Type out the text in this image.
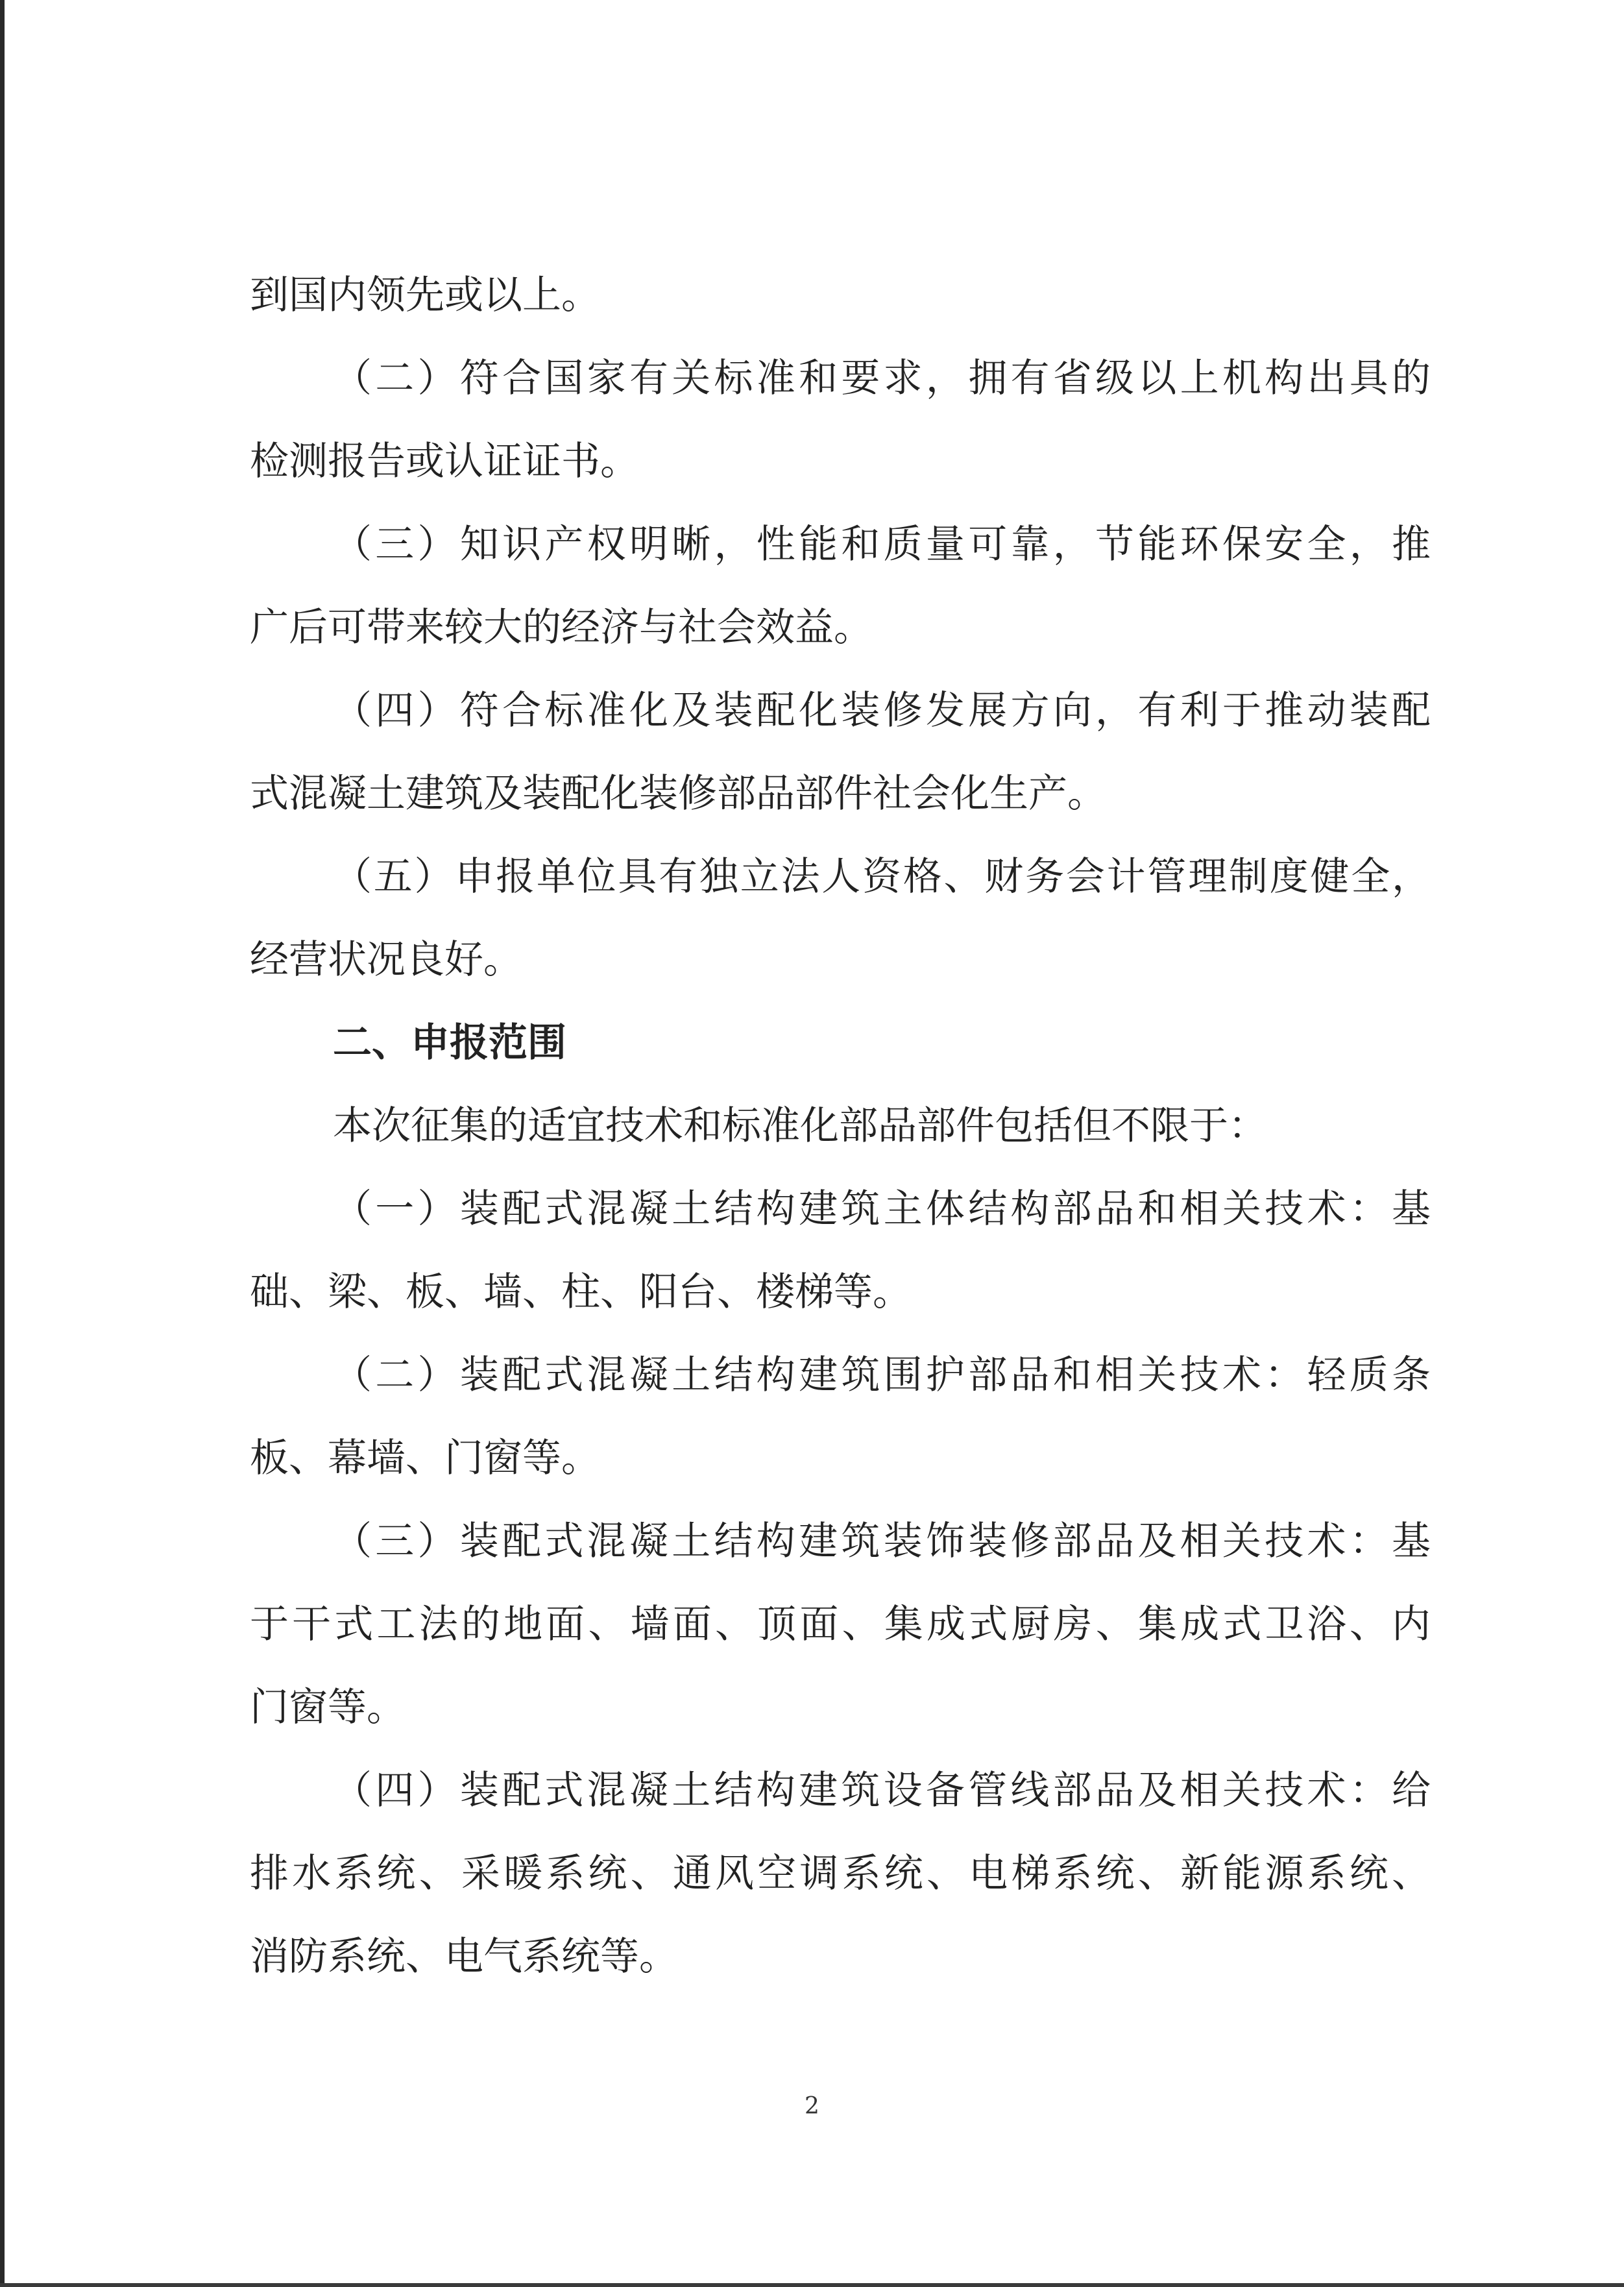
到国内领先或以上。
（二）符合国家有关标准和要求，拥有省级以上机构出具的
检测报告或认证证书。
（三）知识产权明晰，性能和质量可靠，节能环保安全，推
广后可带来较大的经济与社会效益。
（四）符合标准化及装配化装修发展方向，有利于推动装配
式混凝土建筑及装配化装修部品部件社会化生产。
（五）申报单位具有独立法人资格、财务会计管理制度健全，
经营状况良好。
二、申报范围
本次征集的适宜技术和标准化部品部件包括但不限于：
（一）装配式混凝土结构建筑主体结构部品和相关技术：基
础、梁、板、墙、柱、阳台、楼梯等。
（二）装配式混凝土结构建筑围护部品和相关技术：轻质条
板、幕墙、门窗等。
（三）装配式混凝土结构建筑装饰装修部品及相关技术：基
于干式工法的地面、墙面、顶面、集成式厨房、集成式卫浴、内
门窗等。
（四）装配式混凝土结构建筑设备管线部品及相关技术：给
排水系统、采暖系统、通风空调系统、电梯系统、新能源系统、
消防系统、电气系统等。
2
